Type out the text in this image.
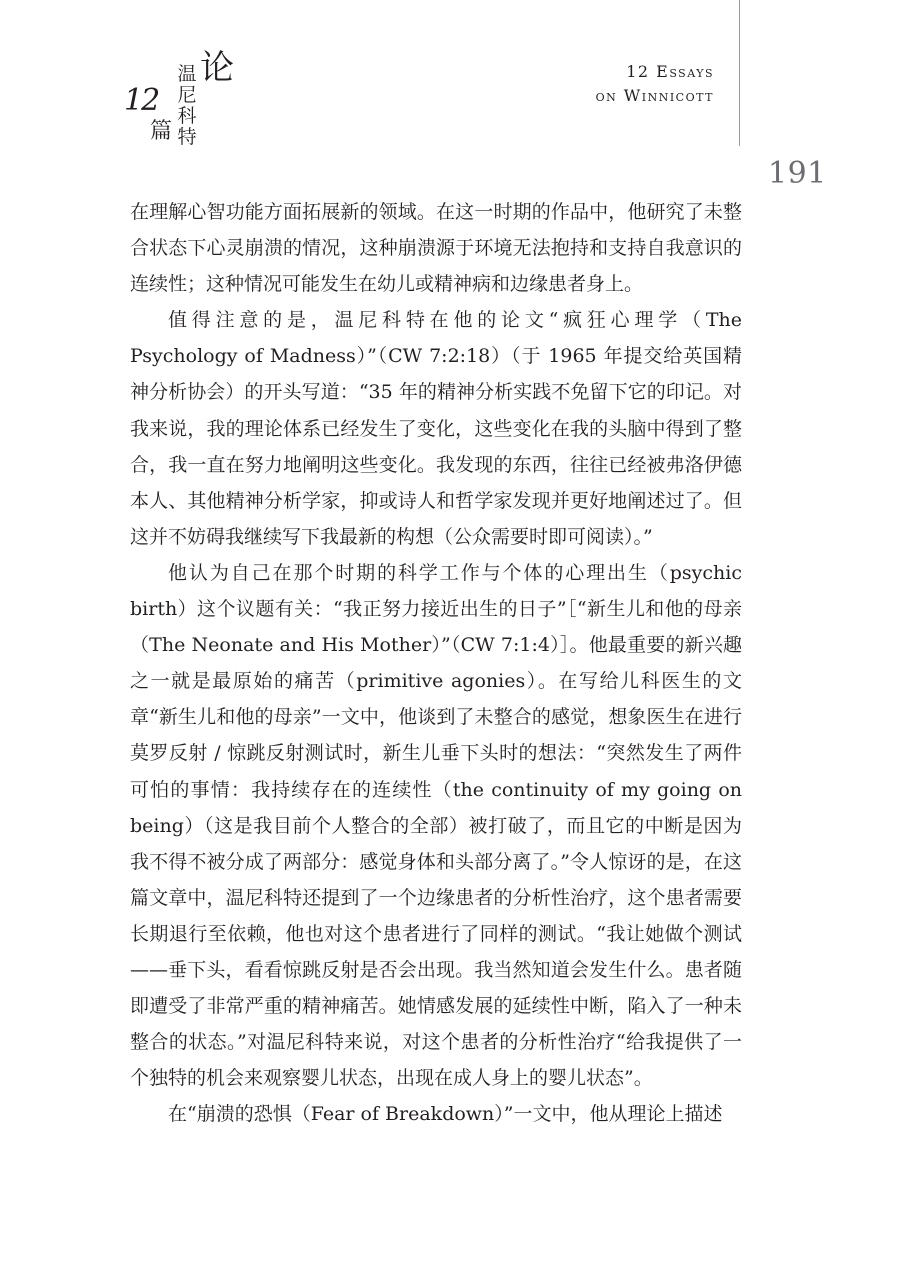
论
温
尼
科
特
12
篇
12 Essays
on Winnicott
191

在理解心智功能方面拓展新的领域。在这一时期的作品中，他研究了未整合状态下心灵崩溃的情况，这种崩溃源于环境无法抱持和支持自我意识的连续性；这种情况可能发生在幼儿或精神病和边缘患者身上。

值得注意的是，温尼科特在他的论文“疯狂心理学（The Psychology of Madness）”（CW 7:2:18）（于 1965 年提交给英国精神分析协会）的开头写道：“35 年的精神分析实践不免留下它的印记。对我来说，我的理论体系已经发生了变化，这些变化在我的头脑中得到了整合，我一直在努力地阐明这些变化。我发现的东西，往往已经被弗洛伊德本人、其他精神分析学家，抑或诗人和哲学家发现并更好地阐述过了。但这并不妨碍我继续写下我最新的构想（公众需要时即可阅读）。”

他认为自己在那个时期的科学工作与个体的心理出生（psychic birth）这个议题有关：“我正努力接近出生的日子”［“新生儿和他的母亲（The Neonate and His Mother）”（CW 7:1:4）］。他最重要的新兴趣之一就是最原始的痛苦（primitive agonies）。在写给儿科医生的文章“新生儿和他的母亲”一文中，他谈到了未整合的感觉，想象医生在进行莫罗反射 / 惊跳反射测试时，新生儿垂下头时的想法：“突然发生了两件可怕的事情：我持续存在的连续性（the continuity of my going on being）（这是我目前个人整合的全部）被打破了，而且它的中断是因为我不得不被分成了两部分：感觉身体和头部分离了。”令人惊讶的是，在这篇文章中，温尼科特还提到了一个边缘患者的分析性治疗，这个患者需要长期退行至依赖，他也对这个患者进行了同样的测试。“我让她做个测试——垂下头，看看惊跳反射是否会出现。我当然知道会发生什么。患者随即遭受了非常严重的精神痛苦。她情感发展的延续性中断，陷入了一种未整合的状态。”对温尼科特来说，对这个患者的分析性治疗“给我提供了一个独特的机会来观察婴儿状态，出现在成人身上的婴儿状态”。

在“崩溃的恐惧（Fear of Breakdown）”一文中，他从理论上描述
